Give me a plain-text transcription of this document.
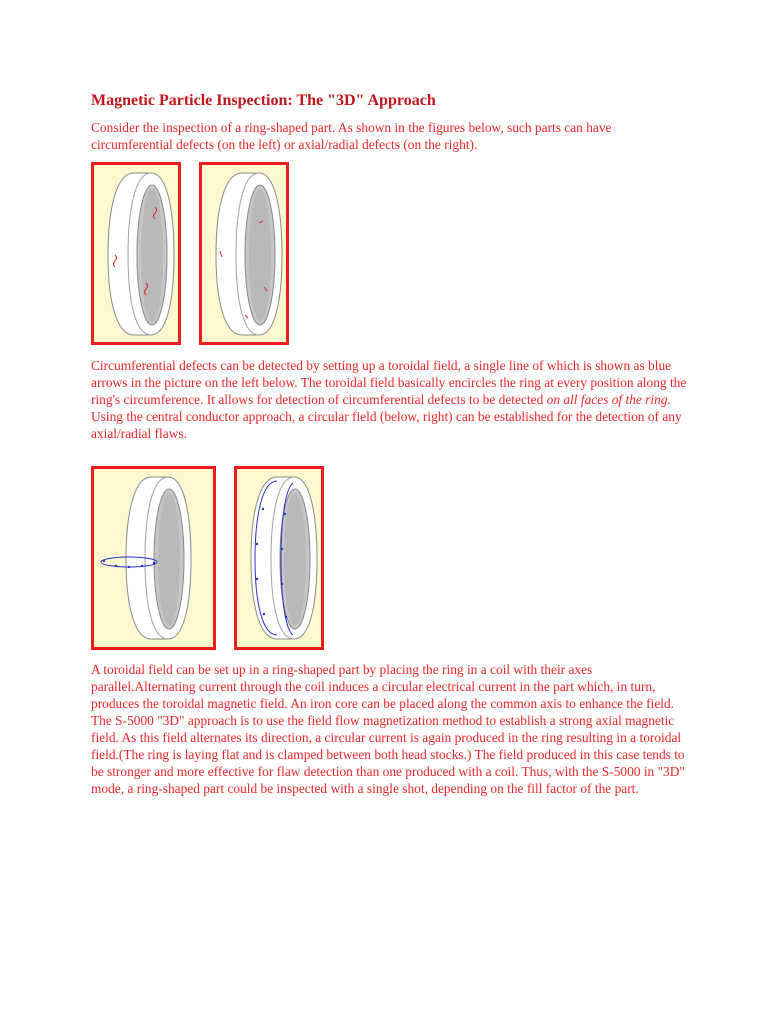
Magnetic Particle Inspection: The "3D" Approach

Consider the inspection of a ring-shaped part. As shown in the figures below, such parts can have circumferential defects (on the left) or axial/radial defects (on the right).

Circumferential defects can be detected by setting up a toroidal field, a single line of which is shown as blue arrows in the picture on the left below. The toroidal field basically encircles the ring at every position along the ring's circumference. It allows for detection of circumferential defects to be detected on all faces of the ring. Using the central conductor approach, a circular field (below, right) can be established for the detection of any axial/radial flaws.

A toroidal field can be set up in a ring-shaped part by placing the ring in a coil with their axes parallel.Alternating current through the coil induces a circular electrical current in the part which, in turn, produces the toroidal magnetic field. An iron core can be placed along the common axis to enhance the field. The S-5000 "3D" approach is to use the field flow magnetization method to establish a strong axial magnetic field. As this field alternates its direction, a circular current is again produced in the ring resulting in a toroidal field.(The ring is laying flat and is clamped between both head stocks.) The field produced in this case tends to be stronger and more effective for flaw detection than one produced with a coil. Thus, with the S-5000 in "3D" mode, a ring-shaped part could be inspected with a single shot, depending on the fill factor of the part.
